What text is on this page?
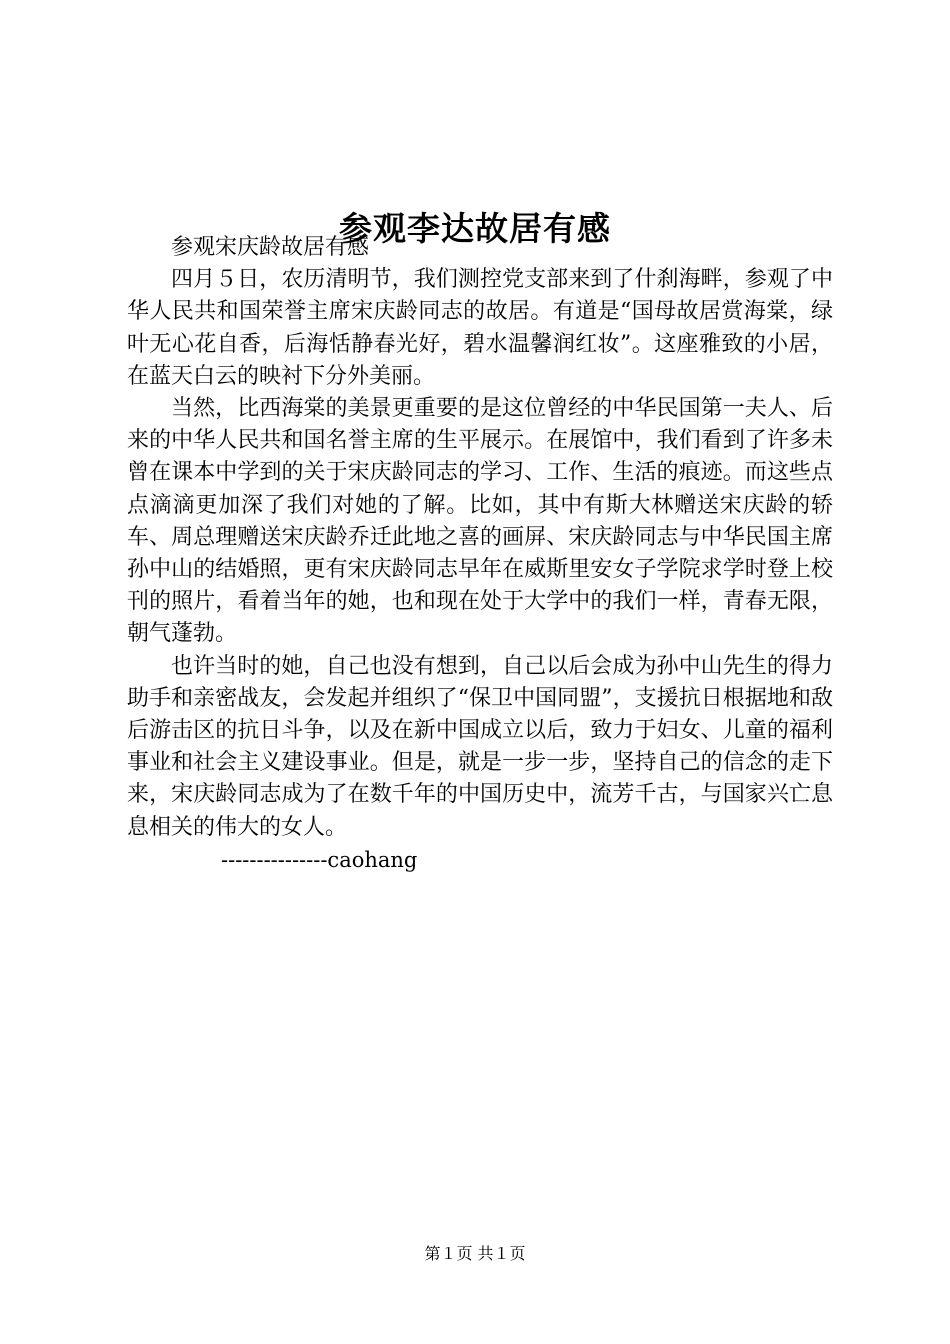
参观李达故居有感

参观宋庆龄故居有感

四月５日，农历清明节，我们测控党支部来到了什刹海畔，参观了中华人民共和国荣誉主席宋庆龄同志的故居。有道是“国母故居赏海棠，绿叶无心花自香，后海恬静春光好，碧水温馨润红妆”。这座雅致的小居，在蓝天白云的映衬下分外美丽。

当然，比西海棠的美景更重要的是这位曾经的中华民国第一夫人、后来的中华人民共和国名誉主席的生平展示。在展馆中，我们看到了许多未曾在课本中学到的关于宋庆龄同志的学习、工作、生活的痕迹。而这些点点滴滴更加深了我们对她的了解。比如，其中有斯大林赠送宋庆龄的轿车、周总理赠送宋庆龄乔迁此地之喜的画屏、宋庆龄同志与中华民国主席孙中山的结婚照，更有宋庆龄同志早年在威斯里安女子学院求学时登上校刊的照片，看着当年的她，也和现在处于大学中的我们一样，青春无限，朝气蓬勃。

也许当时的她，自己也没有想到，自己以后会成为孙中山先生的得力助手和亲密战友，会发起并组织了“保卫中国同盟”，支援抗日根据地和敌后游击区的抗日斗争，以及在新中国成立以后，致力于妇女、儿童的福利事业和社会主义建设事业。但是，就是一步一步，坚持自己的信念的走下来，宋庆龄同志成为了在数千年的中国历史中，流芳千古，与国家兴亡息息相关的伟大的女人。

---------------caohang

第１页 共１页
